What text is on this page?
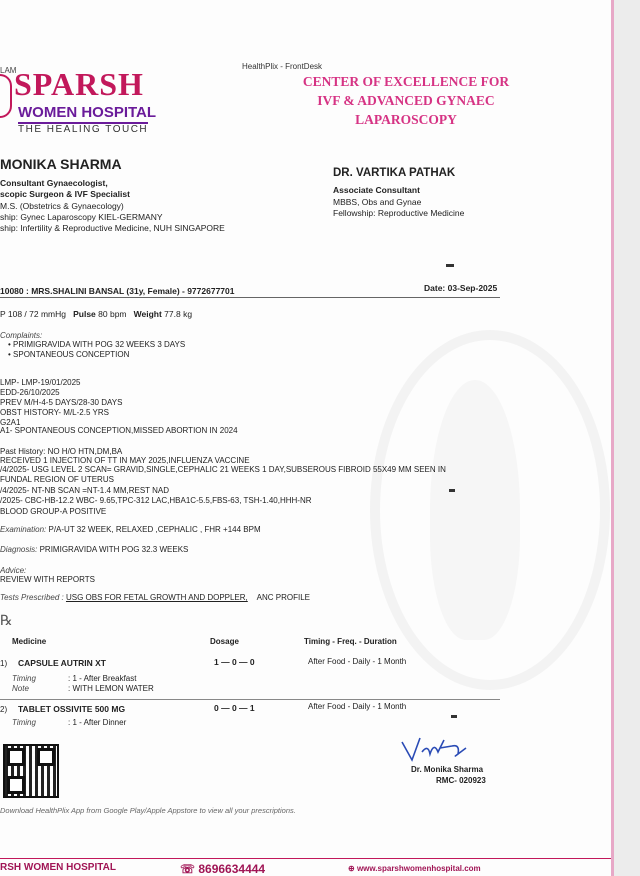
LAM
SPARSH
WOMEN HOSPITAL
THE HEALING TOUCH
HealthPlix - FrontDesk
CENTER OF EXCELLENCE FOR IVF & ADVANCED GYNAEC LAPAROSCOPY
MONIKA SHARMA
Consultant Gynaecologist,
scopic Surgeon & IVF Specialist
M.S. (Obstetrics & Gynaecology)
ship: Gynec Laparoscopy KIEL-GERMANY
ship: Infertility & Reproductive Medicine, NUH SINGAPORE
DR. VARTIKA PATHAK
Associate Consultant
MBBS, Obs and Gynae
Fellowship: Reproductive Medicine
10080 : MRS.SHALINI BANSAL (31y, Female) - 9772677701	Date: 03-Sep-2025
P 108 / 72 mmHg Pulse 80 bpm Weight 77.8 kg
Complaints:
• PRIMIGRAVIDA WITH POG 32 WEEKS 3 DAYS
• SPONTANEOUS CONCEPTION
LMP- LMP-19/01/2025
EDD-26/10/2025
PREV M/H-4-5 DAYS/28-30 DAYS
OBST HISTORY- M/L-2.5 YRS
G2A1
A1- SPONTANEOUS CONCEPTION,MISSED ABORTION IN 2024
Past History: NO H/O HTN,DM,BA
RECEIVED 1 INJECTION OF TT IN MAY 2025,INFLUENZA VACCINE
/4/2025- USG LEVEL 2 SCAN= GRAVID,SINGLE,CEPHALIC 21 WEEKS 1 DAY,SUBSEROUS FIBROID 55X49 MM SEEN IN
FUNDAL REGION OF UTERUS
/4/2025- NT-NB SCAN =NT-1.4 MM,REST NAD
/2025- CBC-HB-12.2 WBC- 9.65,TPC-312 LAC,HBA1C-5.5,FBS-63, TSH-1.40,HHH-NR
BLOOD GROUP-A POSITIVE
Examination: P/A-UT 32 WEEK, RELAXED ,CEPHALIC , FHR +144 BPM
Diagnosis: PRIMIGRAVIDA WITH POG 32.3 WEEKS
Advice:
REVIEW WITH REPORTS
Tests Prescribed : USG OBS FOR FETAL GROWTH AND DOPPLER, ANC PROFILE
℞
Medicine	Dosage	Timing - Freq. - Duration
1) CAPSULE AUTRIN XT	1 — 0 — 0	After Food - Daily - 1 Month
Timing	: 1 - After Breakfast
Note	: WITH LEMON WATER
2) TABLET OSSIVITE 500 MG	0 — 0 — 1	After Food - Daily - 1 Month
Timing	: 1 - After Dinner
Dr. Monika Sharma
RMC- 020923
Download HealthPlix App from Google Play/Apple Appstore to view all your prescriptions.
RSH WOMEN HOSPITAL	☏ 8696634444	⊕ www.sparshwomenhospital.com
